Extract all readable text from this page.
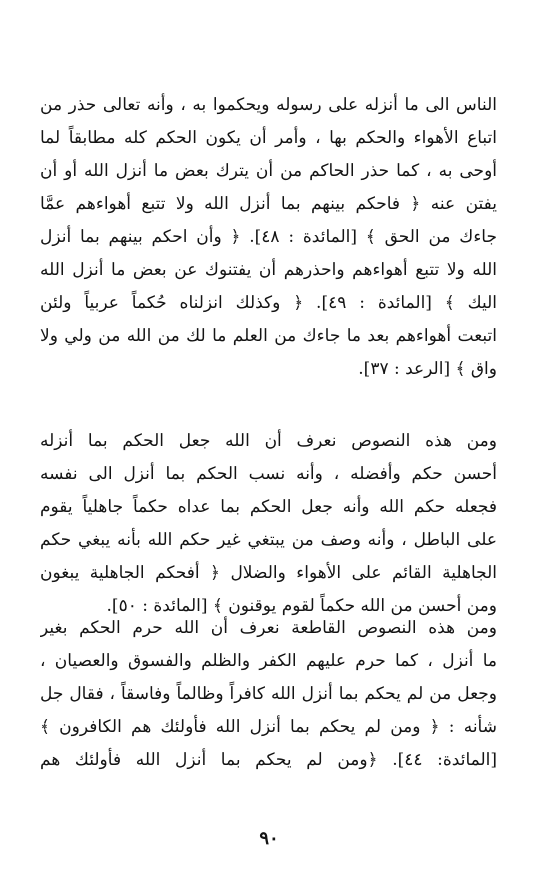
الناس الى ما أنزله على رسوله ويحكموا به ، وأنه تعالى حذر من
اتباع الأهواء والحكم بها ، وأمر أن يكون الحكم كله مطابقاً لما
أوحى به ، كما حذر الحاكم من أن يترك بعض ما أنزل الله أو أن
يفتن عنه ﴿ فاحكم بينهم بما أنزل الله ولا تتبع أهواءهم عمَّا
جاءك من الحق ﴾ [المائدة : ٤٨]. ﴿ وأن احكم بينهم بما أنزل
الله ولا تتبع أهواءهم واحذرهم أن يفتنوك عن بعض ما أنزل الله
اليك ﴾ [المائدة : ٤٩]. ﴿ وكذلك انزلناه حُكماً عربياً ولئن
اتبعت أهواءهم بعد ما جاءك من العلم ما لك من الله من ولي ولا
واق ﴾ [الرعد : ٣٧].
ومن هذه النصوص نعرف أن الله جعل الحكم بما أنزله
أحسن حكم وأفضله ، وأنه نسب الحكم بما أنزل الى نفسه
فجعله حكم الله وأنه جعل الحكم بما عداه حكماً جاهلياً يقوم
على الباطل ، وأنه وصف من يبتغي غير حكم الله بأنه يبغي حكم
الجاهلية القائم على الأهواء والضلال ﴿ أفحكم الجاهلية يبغون
ومن أحسن من الله حكماً لقوم يوقنون ﴾ [المائدة : ٥٠].
ومن هذه النصوص القاطعة نعرف أن الله حرم الحكم بغير
ما أنزل ، كما حرم عليهم الكفر والظلم والفسوق والعصيان ،
وجعل من لم يحكم بما أنزل الله كافراً وظالماً وفاسقاً ، فقال جل
شأنه : ﴿ ومن لم يحكم بما أنزل الله فأولئك هم الكافرون ﴾
[المائدة: ٤٤]. ﴿ومن لم يحكم بما أنزل الله فأولئك هم
٩٠
